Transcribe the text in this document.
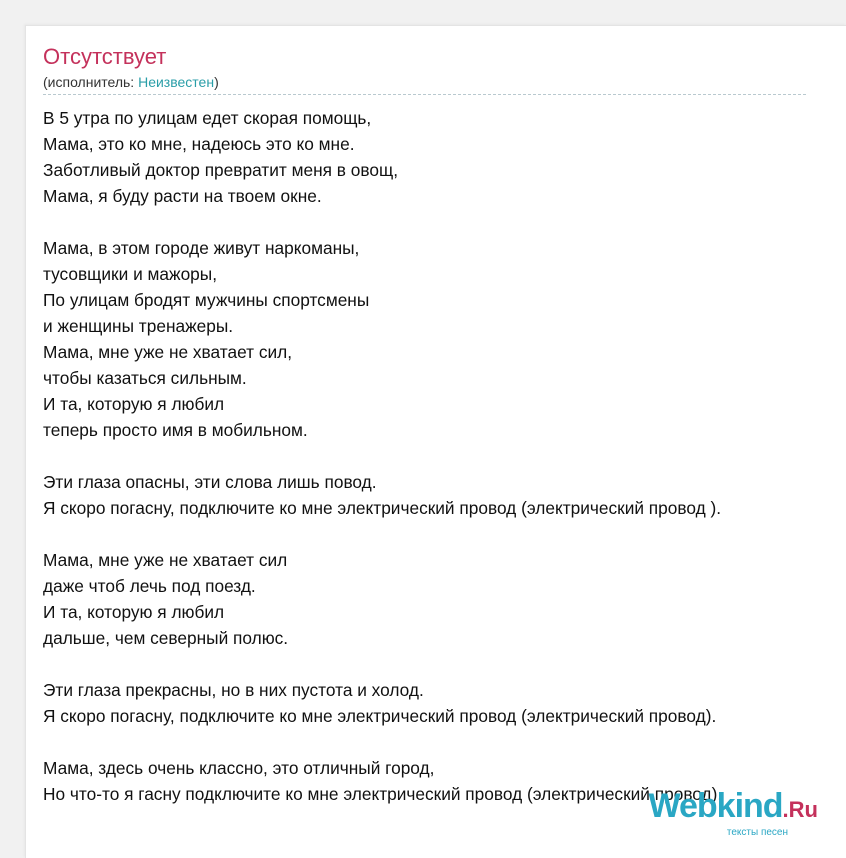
Отсутствует
(исполнитель: Неизвестен)
В 5 утра по улицам едет скорая помощь,
Мама, это ко мне, надеюсь это ко мне.
Заботливый доктор превратит меня в овощ,
Мама, я буду расти на твоем окне.

Мама, в этом городе живут наркоманы,
тусовщики и мажоры,
По улицам бродят мужчины спортсмены
и женщины тренажеры.
Мама, мне уже не хватает сил,
чтобы казаться сильным.
И та, которую я любил
теперь просто имя в мобильном.

Эти глаза опасны, эти слова лишь повод.
Я скоро погасну, подключите ко мне электрический провод (электрический провод ).

Мама, мне уже не хватает сил
даже чтоб лечь под поезд.
И та, которую я любил
дальше, чем северный полюс.

Эти глаза прекрасны, но в них пустота и холод.
Я скоро погасну, подключите ко мне электрический провод (электрический провод).

Мама, здесь очень классно, это отличный город,
Но что-то я гасну подключите ко мне электрический провод (электрический провод).
Webkind.Ru
тексты песен
